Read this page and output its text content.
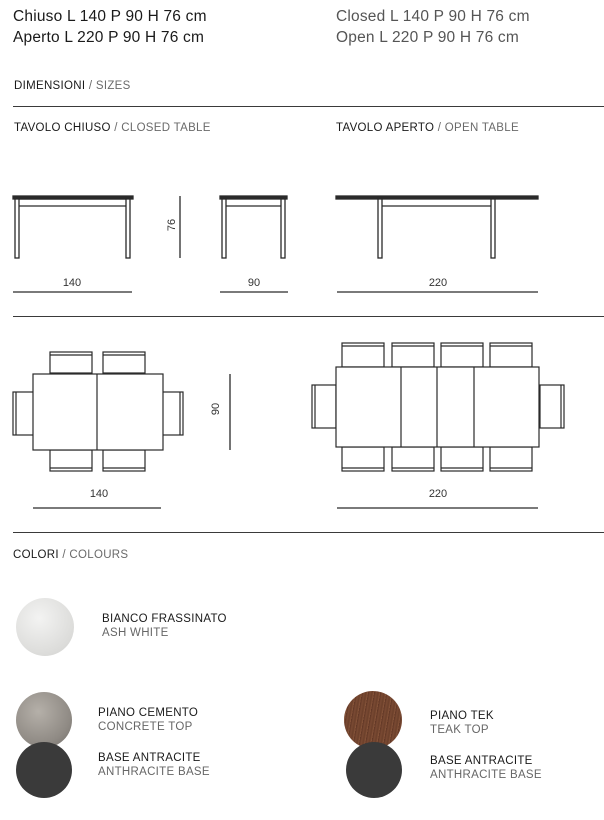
Chiuso L 140 P 90 H 76 cm
Aperto L 220 P 90 H 76 cm
Closed L 140 P 90 H 76 cm
Open L 220 P 90 H 76 cm
DIMENSIONI / SIZES
TAVOLO CHIUSO / CLOSED TABLE	TAVOLO APERTO / OPEN TABLE
76
140	90	220
90
140	220
COLORI / COLOURS
BIANCO FRASSINATO
ASH WHITE
PIANO CEMENTO
CONCRETE TOP
BASE ANTRACITE
ANTHRACITE BASE
PIANO TEK
TEAK TOP
BASE ANTRACITE
ANTHRACITE BASE
